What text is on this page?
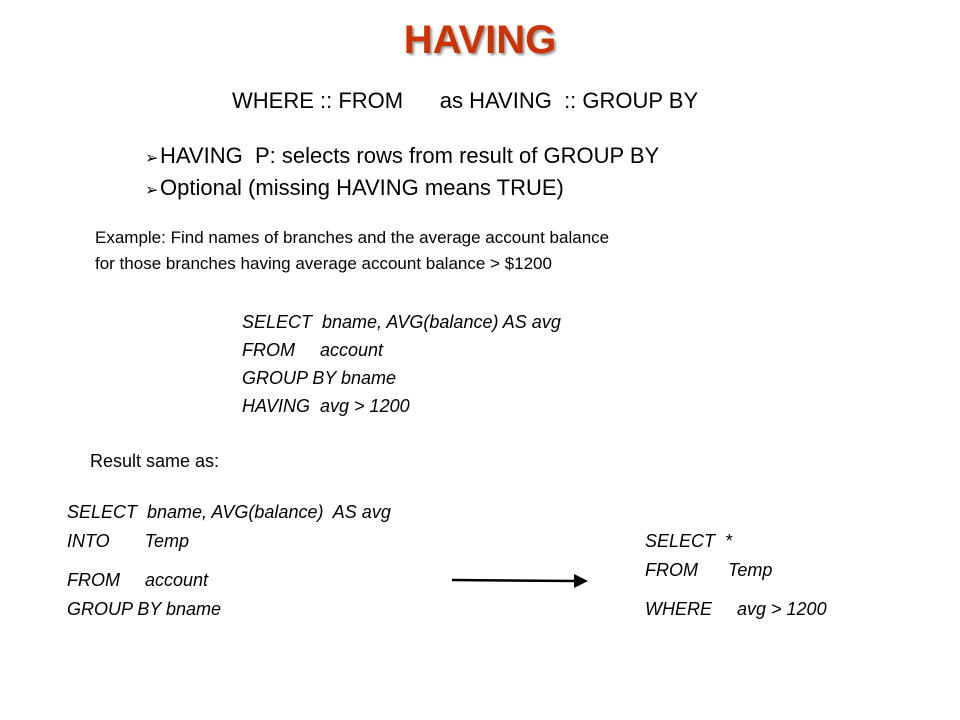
HAVING
WHERE :: FROM      as HAVING  :: GROUP BY
➢HAVING  P: selects rows from result of GROUP BY
➢Optional (missing HAVING means TRUE)
Example: Find names of branches and the average account balance
for those branches having average account balance > $1200
SELECT  bname, AVG(balance) AS avg
FROM     account
GROUP BY bname
HAVING  avg > 1200
Result same as:
SELECT  bname, AVG(balance)  AS avg
INTO       Temp
FROM     account
GROUP BY bname
SELECT  *
FROM      Temp
WHERE     avg > 1200
